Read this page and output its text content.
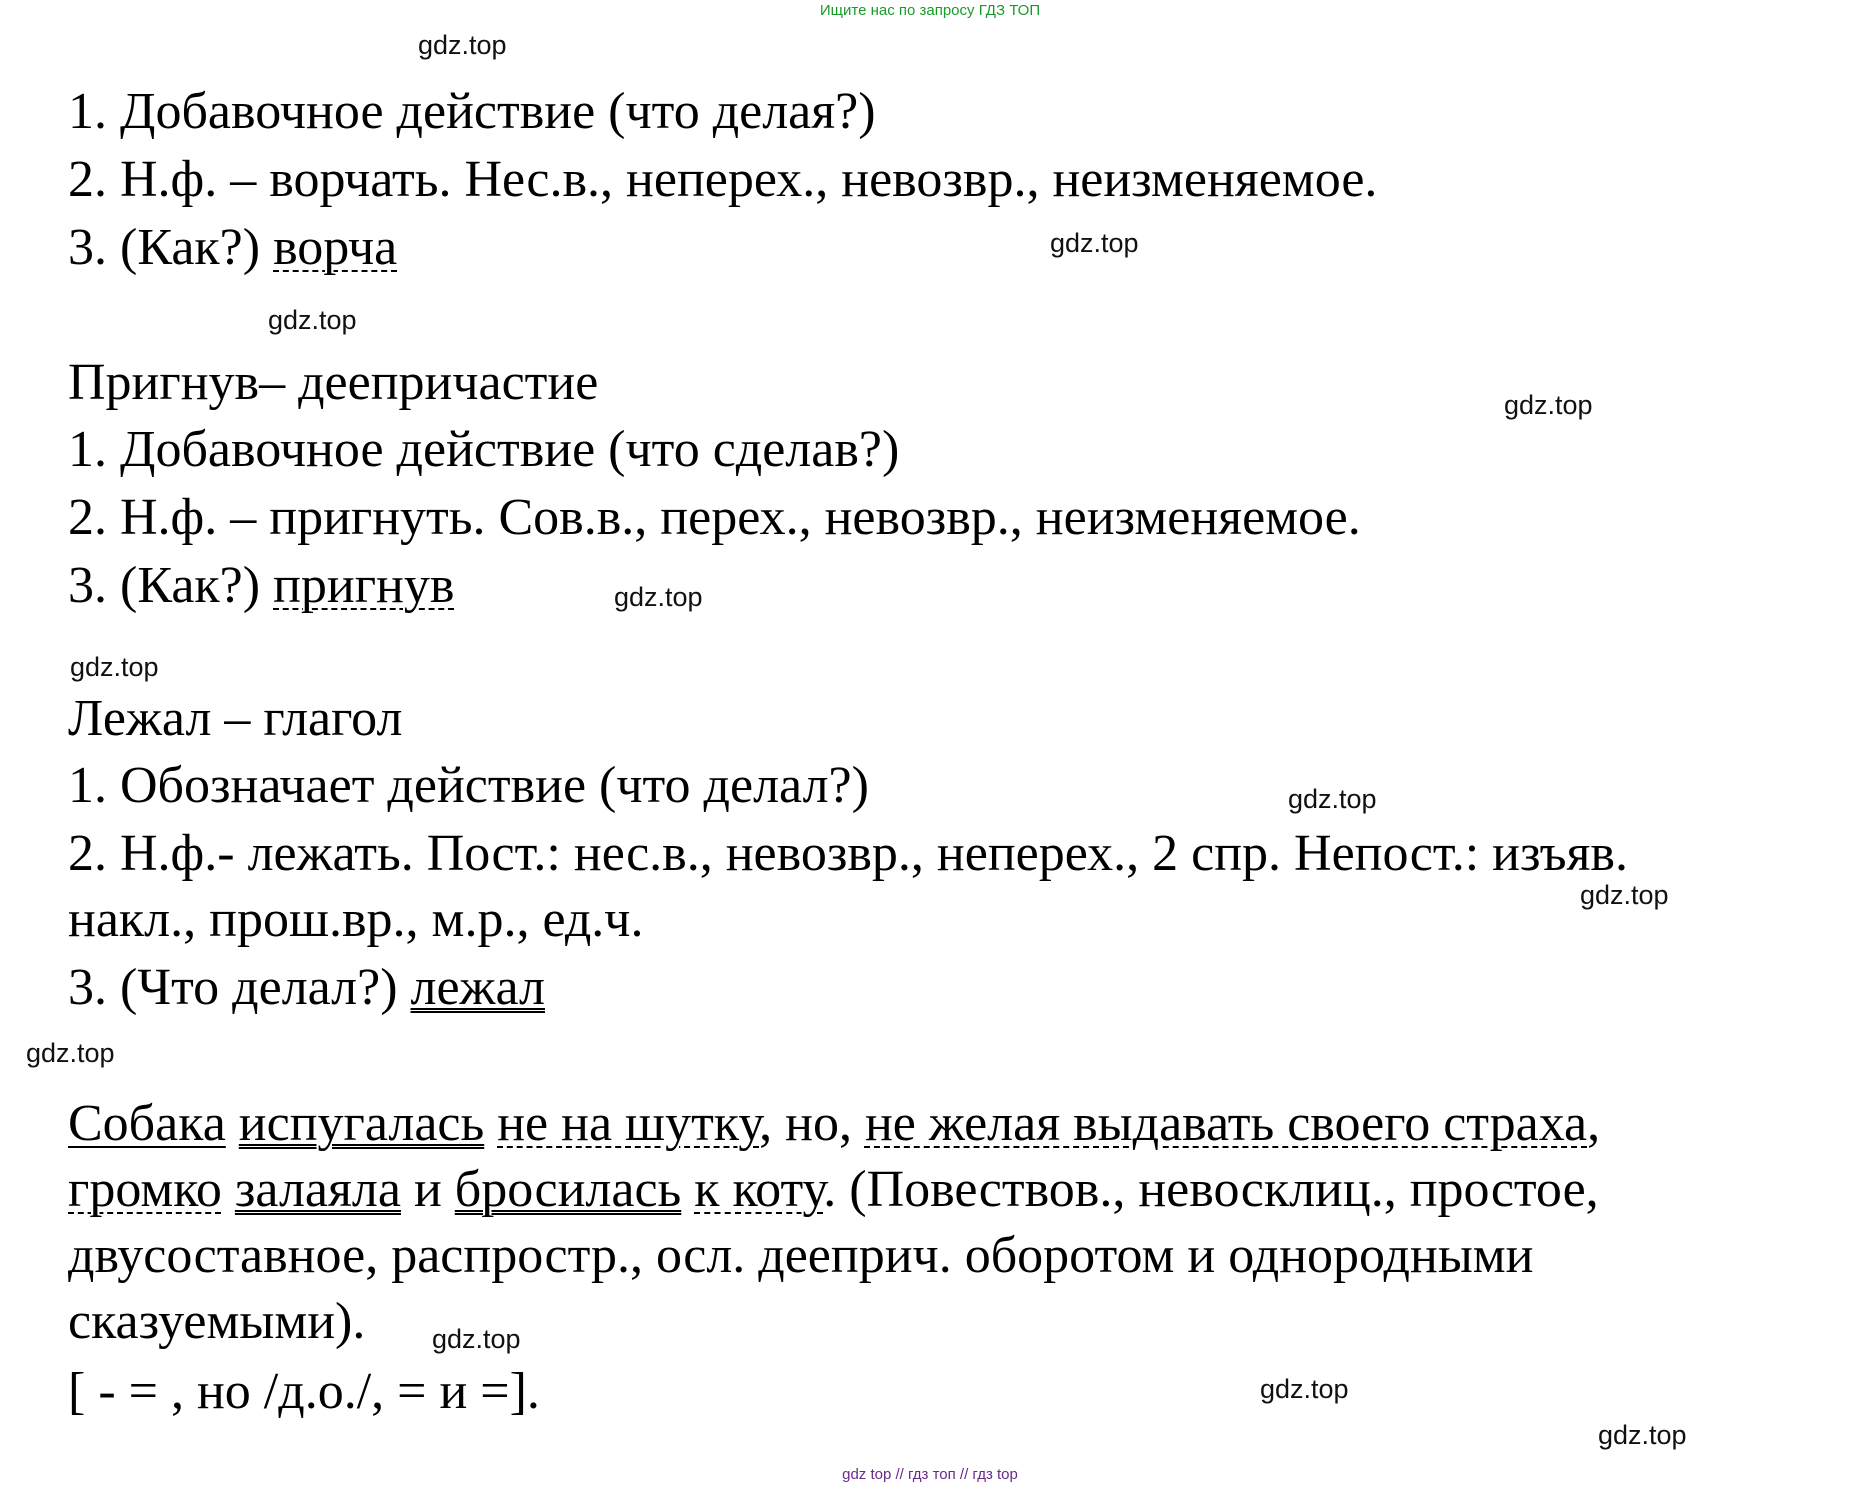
Ищите нас по запросу ГДЗ ТОП
gdz.top
gdz.top
gdz.top
gdz.top
gdz.top
gdz.top
gdz.top
gdz.top
gdz.top
gdz.top
gdz.top
gdz.top
1. Добавочное действие (что делая?)
2. Н.ф. – ворчать. Нес.в., неперех., невозвр., неизменяемое.
3. (Как?) ворча
Пригнув– деепричастие
1. Добавочное действие (что сделав?)
2. Н.ф. – пригнуть. Сов.в., перех., невозвр., неизменяемое.
3. (Как?) пригнув
Лежал – глагол
1. Обозначает действие (что делал?)
2. Н.ф.- лежать. Пост.: нес.в., невозвр., неперех., 2 спр. Непост.: изъяв.
накл., прош.вр., м.р., ед.ч.
3. (Что делал?) лежал
Собака испугалась не на шутку, но, не желая выдавать своего страха,
громко залаяла и бросилась к коту. (Повествов., невосклиц., простое,
двусоставное, распростр., осл. дееприч. оборотом и однородными
сказуемыми).
[ - = , но /д.о./, = и =].
gdz top // гдз топ // гдз top
